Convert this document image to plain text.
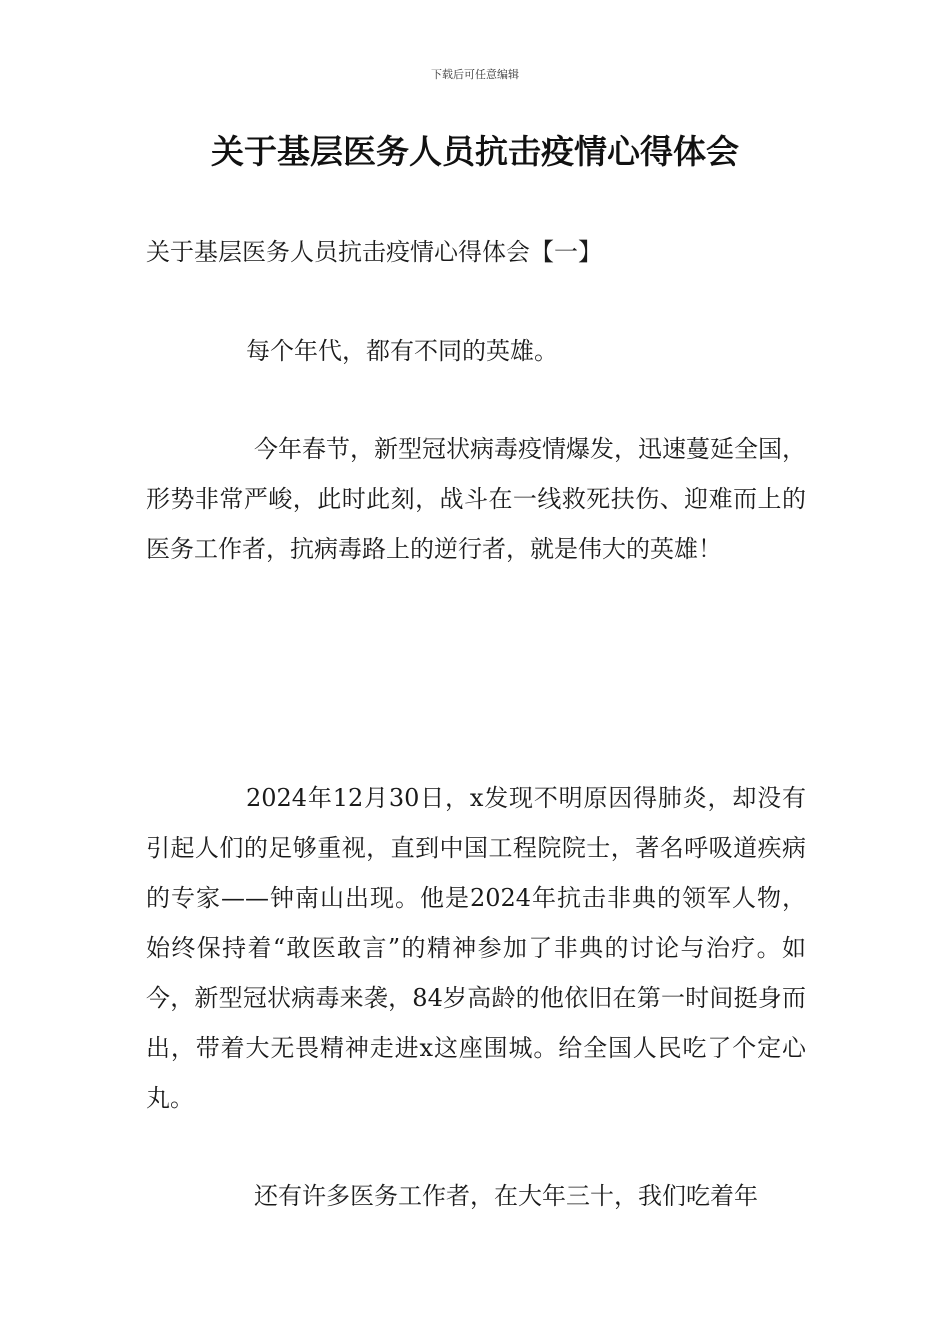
下载后可任意编辑
关于基层医务人员抗击疫情心得体会
关于基层医务人员抗击疫情心得体会【一】

每个年代，都有不同的英雄。

今年春节，新型冠状病毒疫情爆发，迅速蔓延全国，形势非常严峻，此时此刻，战斗在一线救死扶伤、迎难而上的医务工作者，抗病毒路上的逆行者，就是伟大的英雄！

2024年12月30日，x发现不明原因得肺炎，却没有引起人们的足够重视，直到中国工程院院士，著名呼吸道疾病的专家——钟南山出现。他是2024年抗击非典的领军人物，始终保持着“敢医敢言”的精神参加了非典的讨论与治疗。如今，新型冠状病毒来袭，84岁高龄的他依旧在第一时间挺身而出，带着大无畏精神走进x这座围城。给全国人民吃了个定心丸。

还有许多医务工作者，在大年三十，我们吃着年
